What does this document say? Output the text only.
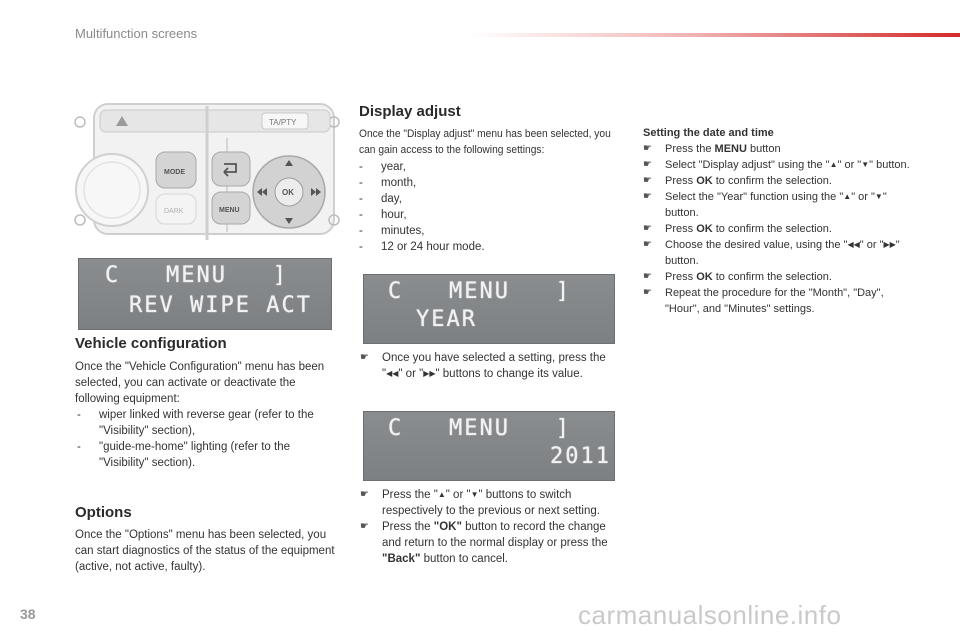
Multifunction screens
TA/PTY
MODE
DARK	MENU
OK
C   MENU   ]
REV WIPE ACT
Vehicle configuration
Once the "Vehicle Configuration" menu has been selected, you can activate or deactivate the following equipment:
- wiper linked with reverse gear (refer to the "Visibility" section),
- "guide-me-home" lighting (refer to the "Visibility" section).
Options
Once the "Options" menu has been selected, you can start diagnostics of the status of the equipment (active, not active, faulty).
Display adjust
Once the "Display adjust" menu has been selected, you can gain access to the following settings:
- year,
- month,
- day,
- hour,
- minutes,
- 12 or 24 hour mode.
C   MENU   ]
YEAR
☛ Once you have selected a setting, press the "◀◀" or "▶▶" buttons to change its value.
C   MENU   ]
2011
☛ Press the "▲" or "▼" buttons to switch respectively to the previous or next setting.
☛ Press the "OK" button to record the change and return to the normal display or press the "Back" button to cancel.
Setting the date and time
☛ Press the MENU button
☛ Select "Display adjust" using the "▲" or "▼" button.
☛ Press OK to confirm the selection.
☛ Select the "Year" function using the "▲" or "▼" button.
☛ Press OK to confirm the selection.
☛ Choose the desired value, using the "◀◀" or "▶▶" button.
☛ Press OK to confirm the selection.
☛ Repeat the procedure for the "Month", "Day", "Hour", and "Minutes" settings.
38	carmanualsonline.info
